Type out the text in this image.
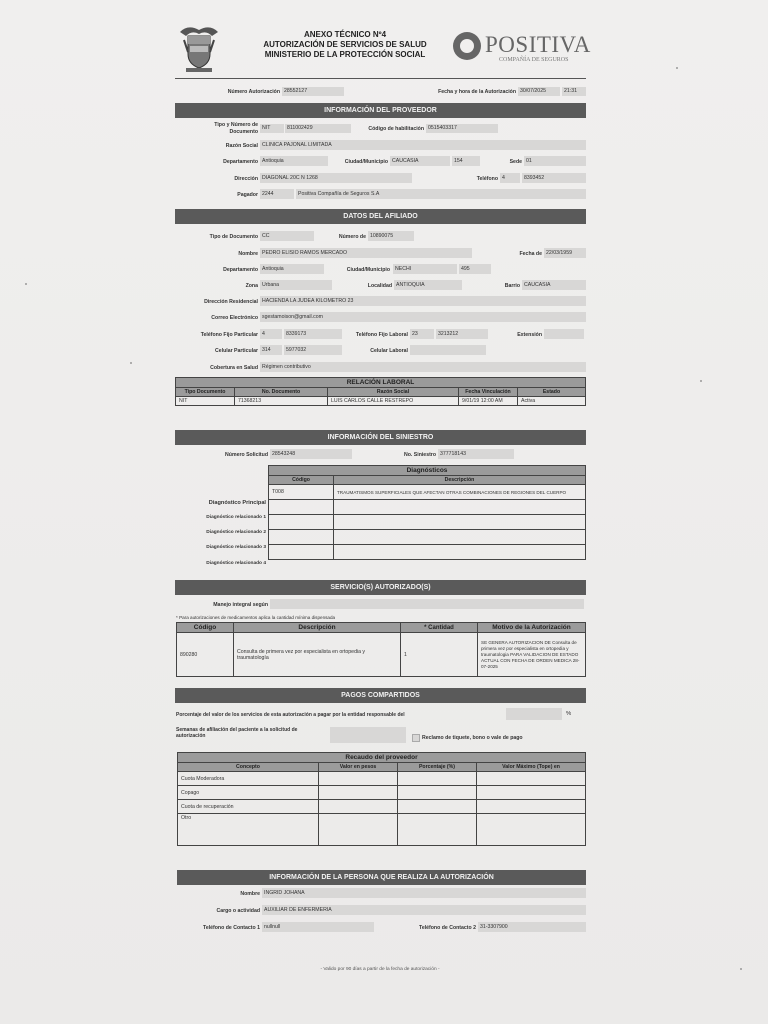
ANEXO TÉCNICO Nº4
AUTORIZACIÓN DE SERVICIOS DE SALUD
MINISTERIO DE LA PROTECCIÓN SOCIAL	POSITIVA
COMPAÑÍA DE SEGUROS
Número Autorización 28552127	Fecha y hora de la Autorización 30/07/2025	21:31
INFORMACIÓN DEL PROVEEDOR
Tipo y Número de Documento
NIT	811002429	Código de habilitación 0515403317
Razón Social CLINICA PAJONAL LIMITADA
Departamento Antioquia	Ciudad/Municipio CAUCASIA	154	Sede 01
Dirección DIAGONAL 20C N 1268	Teléfono 4	8393452
Pagador 2244	Positiva Compañía de Seguros S.A
DATOS DEL AFILIADO
Tipo de Documento CC	Número de 10890075
Nombre PEDRO ELISIO RAMOS MERCADO	Fecha de 22/03/1959
Departamento Antioquia	Ciudad/Municipio NECHI	495
Zona Urbana	Localidad ANTIOQUIA	Barrio CAUCASIA
Dirección Residencial HACIENDA LA JUDEA KILOMETRO 23
Correo Electrónico sgestamoison@gmail.com
Teléfono Fijo Particular 4	8339173	Teléfono Fijo Laboral 23	3213212	Extensión
Celular Particular 314	5977032	Celular Laboral
Cobertura en Salud Régimen contributivo
RELACIÓN LABORAL				
Tipo Documento	No. Documento	Razón Social	Fecha Vinculación	Estado
NIT	71368213	LUIS CARLOS CALLE RESTREPO	9/01/19 12:00 AM	Activa
INFORMACIÓN DEL SINIESTRO
Número Solicitud 28543248	No. Siniestro 377718143
Diagnósticos	
Código	Descripción
T008	TRAUMATISMOS SUPERFICIALES QUE AFECTAN OTRAS COMBINACIONES DE REGIONES DEL CUERPO

Diagnóstico Principal
Diagnóstico relacionado 1
Diagnóstico relacionado 2
Diagnóstico relacionado 3
Diagnóstico relacionado 4
SERVICIO(S) AUTORIZADO(S)
Manejo integral según
* Para autorizaciones de medicamentos aplica la cantidad mínima dispensada
Código	Descripción	* Cantidad	Motivo de la Autorización
890280	Consulta de primera vez por especialista en ortopedia y traumatología	1	SE GENERA AUTORIZACION DE Consulta de primera vez por especialista en ortopedia y traumatologia PARA VALIDACION DE ESTADO ACTUAL CON FECHA DE ORDEN MEDICA 28-07-2025
PAGOS COMPARTIDOS
Porcentaje del valor de los servicios de esta autorización a pagar por la entidad responsable del	%
Semanas de afiliación del paciente a la solicitud de autorización	Reclamo de tiquete, bono o vale de pago
Recaudo del proveedor			
Concepto	Valor en pesos	Porcentaje (%)	Valor Máximo (Tope) en
Cuota Moderadora			
Copago			
Cuota de recuperación			
Otro			
INFORMACIÓN DE LA PERSONA QUE REALIZA LA AUTORIZACIÓN
Nombre INGRID JOHANA
Cargo o actividad AUXILIAR DE ENFERMERIA
Teléfono de Contacto 1 nullnull	Teléfono de Contacto 2 31-3307900
- Valido por 90 días a partir de la fecha de autorización -
